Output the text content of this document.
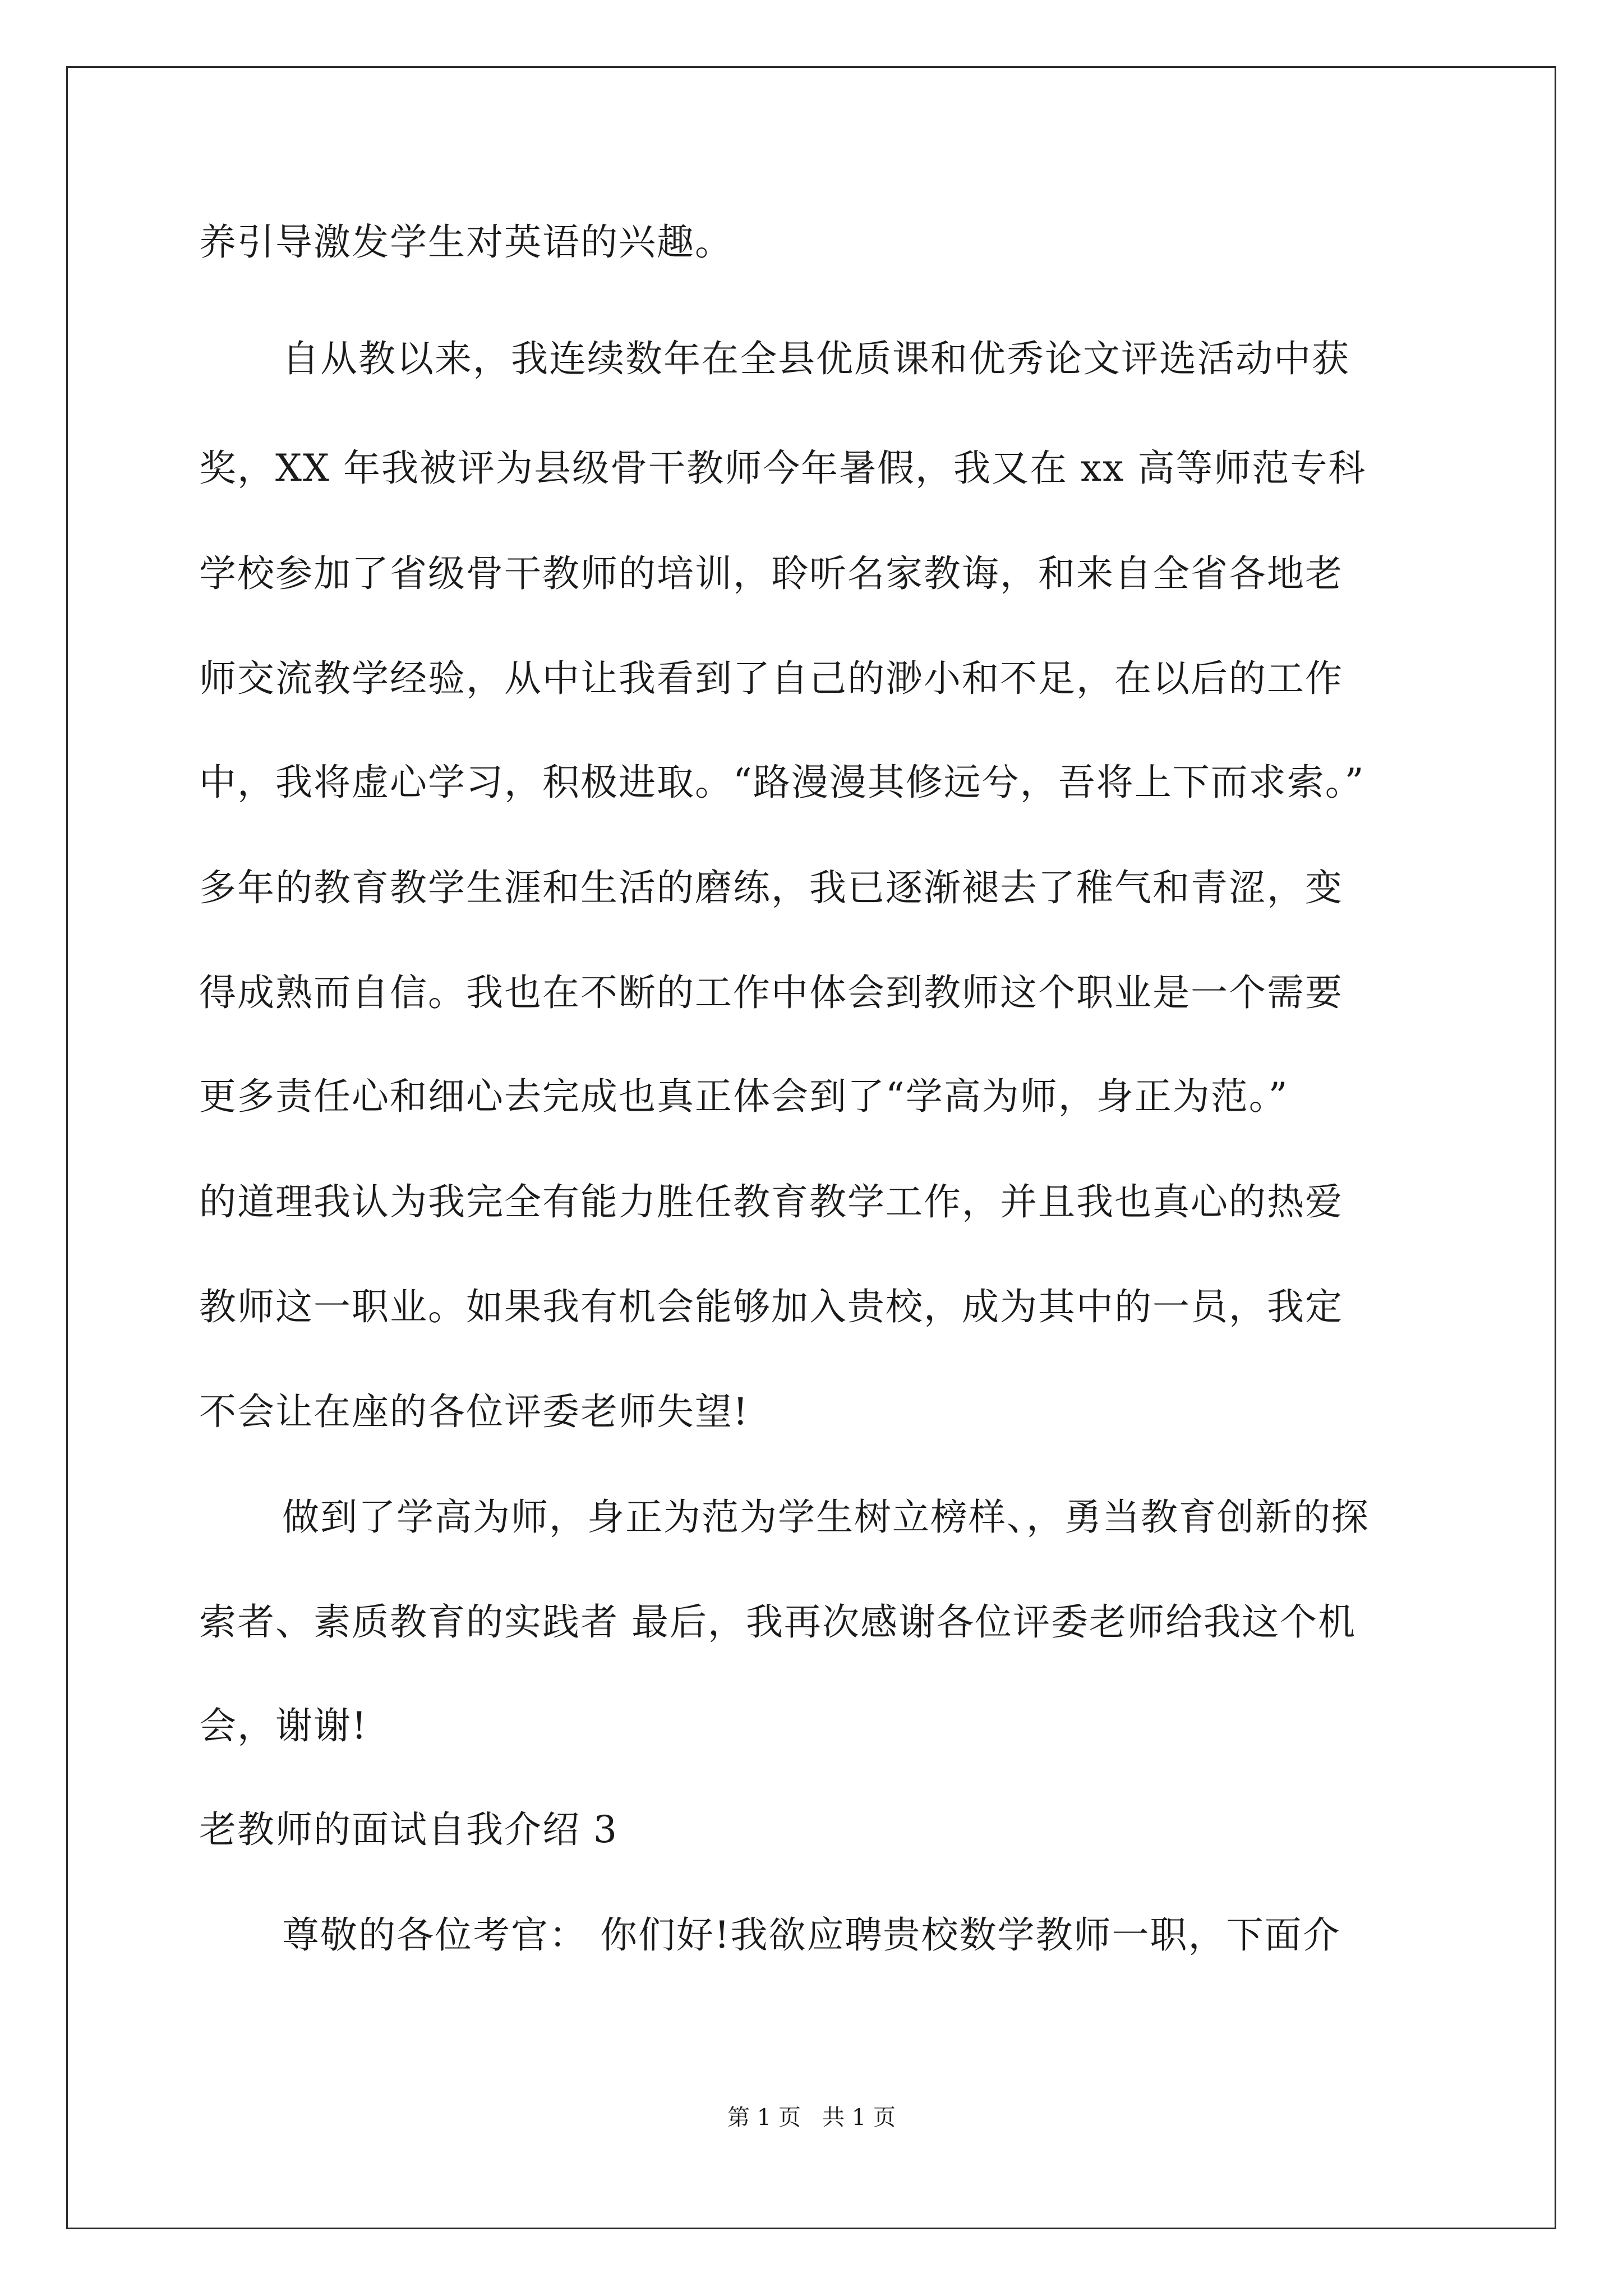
养引导激发学生对英语的兴趣。
自从教以来，我连续数年在全县优质课和优秀论文评选活动中获
奖，XX 年我被评为县级骨干教师今年暑假，我又在 xx 高等师范专科
学校参加了省级骨干教师的培训，聆听名家教诲，和来自全省各地老
师交流教学经验，从中让我看到了自己的渺小和不足，在以后的工作
中，我将虚心学习，积极进取。“路漫漫其修远兮，吾将上下而求索。”
多年的教育教学生涯和生活的磨练，我已逐渐褪去了稚气和青涩，变
得成熟而自信。我也在不断的工作中体会到教师这个职业是一个需要
更多责任心和细心去完成也真正体会到了“学高为师，身正为范。”
的道理我认为我完全有能力胜任教育教学工作，并且我也真心的热爱
教师这一职业。如果我有机会能够加入贵校，成为其中的一员，我定
不会让在座的各位评委老师失望!
做到了学高为师，身正为范为学生树立榜样、，勇当教育创新的探
索者、素质教育的实践者 最后，我再次感谢各位评委老师给我这个机
会，谢谢!
老教师的面试自我介绍 3
尊敬的各位考官： 你们好!我欲应聘贵校数学教师一职，下面介
第 1 页   共 1 页
